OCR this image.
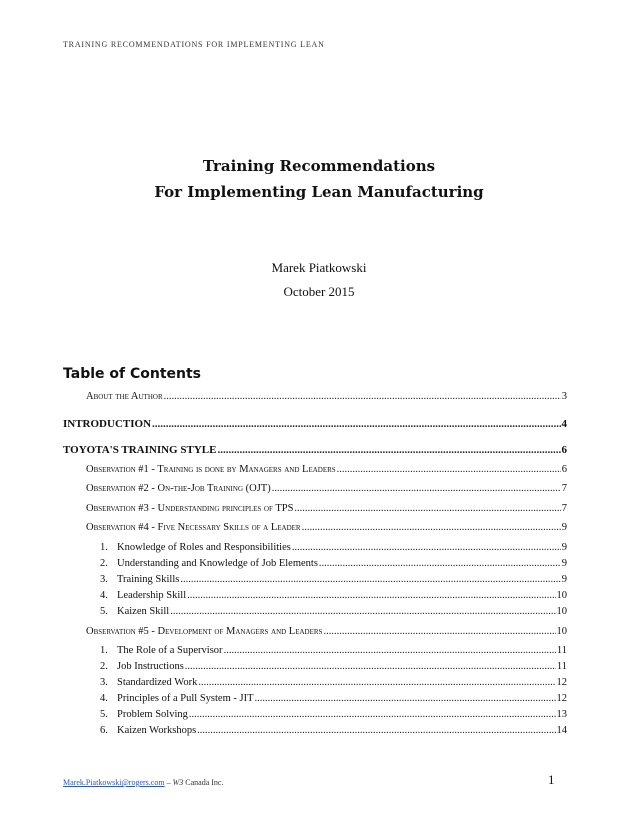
TRAINING RECOMMENDATIONS FOR IMPLEMENTING LEAN
Training Recommendations
For Implementing Lean Manufacturing
Marek Piatkowski
October 2015
Table of Contents
About the Author .....	3
INTRODUCTION .....	4
TOYOTA'S TRAINING STYLE .....	6
Observation #1 - Training is done by Managers and Leaders .....	6
Observation #2 - On-the-Job Training (OJT) .....	7
Observation #3 - Understanding principles of TPS .....	7
Observation #4 - Five Necessary Skills of a Leader .....	9
1. Knowledge of Roles and Responsibilities .....	9
2. Understanding and Knowledge of Job Elements .....	9
3. Training Skills .....	9
4. Leadership Skill .....	10
5. Kaizen Skill .....	10
Observation #5 - Development of Managers and Leaders .....	10
1. The Role of a Supervisor .....	11
2. Job Instructions .....	11
3. Standardized Work .....	12
4. Principles of a Pull System - JIT .....	12
5. Problem Solving .....	13
6. Kaizen Workshops .....	14
Marek.Piatkowski@rogers.com – W3 Canada Inc.	1
